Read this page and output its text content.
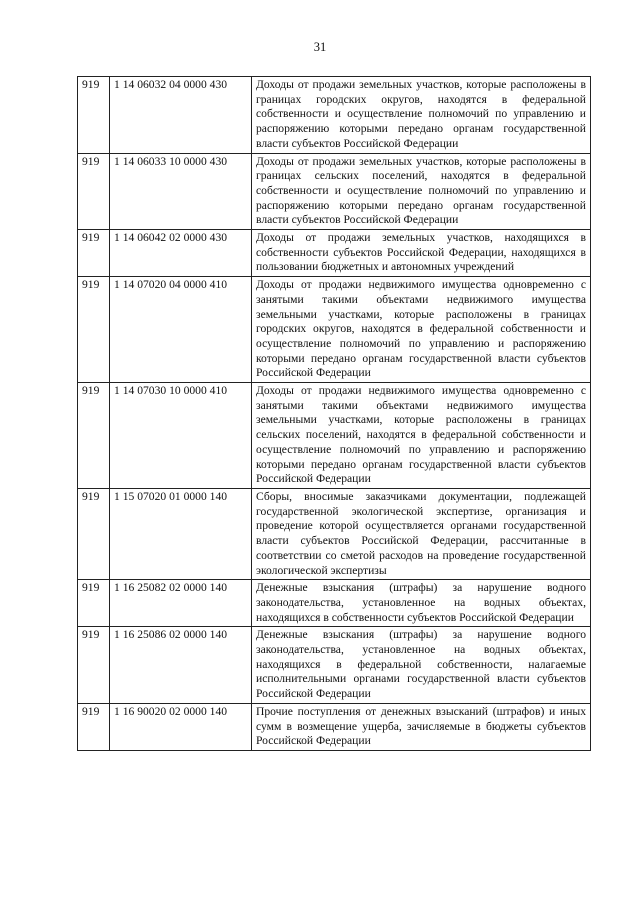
31
919	1 14 06032 04 0000 430	Доходы от продажи земельных участков, которые расположены в границах городских округов, находятся в федеральной собственности и осуществление полномочий по управлению и распоряжению которыми передано органам государственной власти субъектов Российской Федерации
919	1 14 06033 10 0000 430	Доходы от продажи земельных участков, которые расположены в границах сельских поселений, находятся в федеральной собственности и осуществление полномочий по управлению и распоряжению которыми передано органам государственной власти субъектов Российской Федерации
919	1 14 06042 02 0000 430	Доходы от продажи земельных участков, находящихся в собственности субъектов Российской Федерации, находящихся в пользовании бюджетных и автономных учреждений
919	1 14 07020 04 0000 410	Доходы от продажи недвижимого имущества одновременно с занятыми такими объектами недвижимого имущества земельными участками, которые расположены в границах городских округов, находятся в федеральной собственности и осуществление полномочий по управлению и распоряжению которыми передано органам государственной власти субъектов Российской Федерации
919	1 14 07030 10 0000 410	Доходы от продажи недвижимого имущества одновременно с занятыми такими объектами недвижимого имущества земельными участками, которые расположены в границах сельских поселений, находятся в федеральной собственности и осуществление полномочий по управлению и распоряжению которыми передано органам государственной власти субъектов Российской Федерации
919	1 15 07020 01 0000 140	Сборы, вносимые заказчиками документации, подлежащей государственной экологической экспертизе, организация и проведение которой осуществляется органами государственной власти субъектов Российской Федерации, рассчитанные в соответствии со сметой расходов на проведение государственной экологической экспертизы
919	1 16 25082 02 0000 140	Денежные взыскания (штрафы) за нарушение водного законодательства, установленное на водных объектах, находящихся в собственности субъектов Российской Федерации
919	1 16 25086 02 0000 140	Денежные взыскания (штрафы) за нарушение водного законодательства, установленное на водных объектах, находящихся в федеральной собственности, налагаемые исполнительными органами государственной власти субъектов Российской Федерации
919	1 16 90020 02 0000 140	Прочие поступления от денежных взысканий (штрафов) и иных сумм в возмещение ущерба, зачисляемые в бюджеты субъектов Российской Федерации
